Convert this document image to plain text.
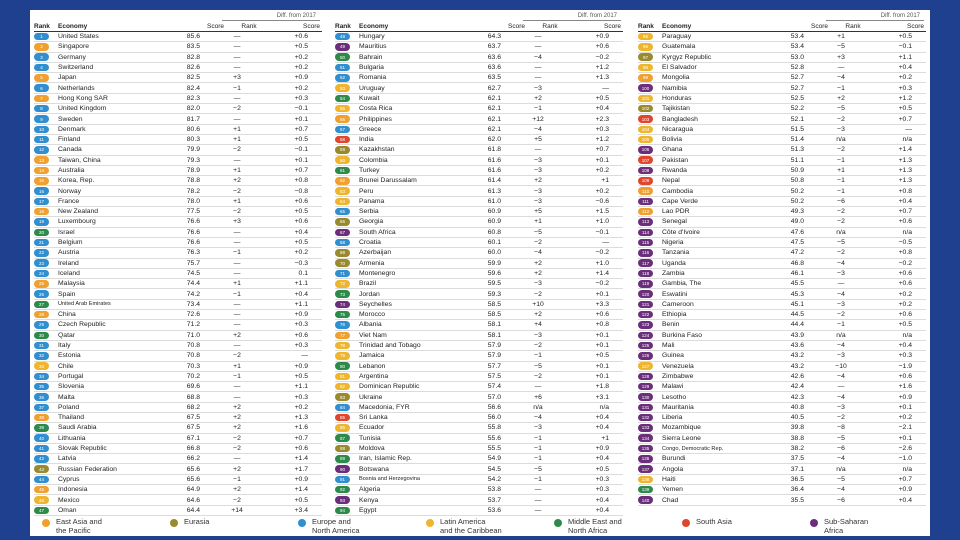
Diff. from 2017
Rank	Economy	Score	Rank	Score
1	United States	85.6	—	+0.6
2	Singapore	83.5	—	+0.5
3	Germany	82.8	—	+0.2
4	Switzerland	82.6	—	+0.2
5	Japan	82.5	+3	+0.9
6	Netherlands	82.4	−1	+0.2
7	Hong Kong SAR	82.3	—	+0.3
8	United Kingdom	82.0	−2	−0.1
9	Sweden	81.7	—	+0.1
10	Denmark	80.6	+1	+0.7
11	Finland	80.3	+1	+0.5
12	Canada	79.9	−2	−0.1
13	Taiwan, China	79.3	—	+0.1
14	Australia	78.9	+1	+0.7
15	Korea, Rep.	78.8	+2	+0.8
16	Norway	78.2	−2	−0.8
17	France	78.0	+1	+0.6
18	New Zealand	77.5	−2	+0.5
19	Luxembourg	76.6	+3	+0.6
20	Israel	76.6	—	+0.4
21	Belgium	76.6	—	+0.5
22	Austria	76.3	−1	+0.2
23	Ireland	75.7	—	−0.3
24	Iceland	74.5	—	0.1
25	Malaysia	74.4	+1	+1.1
26	Spain	74.2	−1	+0.4
27	United Arab Emirates	73.4	—	+1.1
28	China	72.6	—	+0.9
29	Czech Republic	71.2	—	+0.3
30	Qatar	71.0	+2	+0.6
31	Italy	70.8	—	+0.3
32	Estonia	70.8	−2	—
33	Chile	70.3	+1	+0.9
34	Portugal	70.2	−1	+0.5
35	Slovenia	69.6	—	+1.1
36	Malta	68.8	—	+0.3
37	Poland	68.2	+2	+0.2
38	Thailand	67.5	+2	+1.3
39	Saudi Arabia	67.5	+2	+1.6
40	Lithuania	67.1	−2	+0.7
41	Slovak Republic	66.8	−2	+0.6
42	Latvia	66.2	—	+1.4
43	Russian Federation	65.6	+2	+1.7
44	Cyprus	65.6	−1	+0.9
45	Indonesia	64.9	+2	+1.4
46	Mexico	64.6	−2	+0.5
47	Oman	64.4	+14	+3.4
Diff. from 2017
Rank	Economy	Score	Rank	Score
48	Hungary	64.3	—	+0.9
49	Mauritius	63.7	—	+0.6
50	Bahrain	63.6	−4	−0.2
51	Bulgaria	63.6	—	+1.2
52	Romania	63.5	—	+1.3
53	Uruguay	62.7	−3	—
54	Kuwait	62.1	+2	+0.5
55	Costa Rica	62.1	−1	+0.4
56	Philippines	62.1	+12	+2.3
57	Greece	62.1	−4	+0.3
58	India	62.0	+5	+1.2
59	Kazakhstan	61.8	—	+0.7
60	Colombia	61.6	−3	+0.1
61	Turkey	61.6	−3	+0.2
62	Brunei Darussalam	61.4	+2	+1
63	Peru	61.3	−3	+0.2
64	Panama	61.0	−3	−0.6
65	Serbia	60.9	+5	+1.5
66	Georgia	60.9	+1	+1.0
67	South Africa	60.8	−5	−0.1
68	Croatia	60.1	−2	—
69	Azerbaijan	60.0	−4	−0.2
70	Armenia	59.9	+2	+1.0
71	Montenegro	59.6	+2	+1.4
72	Brazil	59.5	−3	−0.2
73	Jordan	59.3	−2	+0.1
74	Seychelles	58.5	+10	+3.3
75	Morocco	58.5	+2	+0.6
76	Albania	58.1	+4	+0.8
77	Viet Nam	58.1	−3	+0.1
78	Trinidad and Tobago	57.9	−2	+0.1
79	Jamaica	57.9	−1	+0.5
80	Lebanon	57.7	−5	+0.1
81	Argentina	57.5	−2	+0.1
82	Dominican Republic	57.4	—	+1.8
83	Ukraine	57.0	+6	+3.1
84	Macedonia, FYR	56.6	n/a	n/a
85	Sri Lanka	56.0	−4	+0.4
86	Ecuador	55.8	−3	+0.4
87	Tunisia	55.6	−1	+1
88	Moldova	55.5	−1	+0.9
89	Iran, Islamic Rep.	54.9	−1	+0.4
90	Botswana	54.5	−5	+0.5
91	Bosnia and Herzegovina	54.2	−1	+0.3
92	Algeria	53.8	—	+0.3
93	Kenya	53.7	—	+0.4
94	Egypt	53.6	—	+0.4
Diff. from 2017
Rank	Economy	Score	Rank	Score
95	Paraguay	53.4	+1	+0.5
96	Guatemala	53.4	−5	−0.1
97	Kyrgyz Republic	53.0	+3	+1.1
98	El Salvador	52.8	—	+0.4
99	Mongolia	52.7	−4	+0.2
100	Namibia	52.7	−1	+0.3
101	Honduras	52.5	+2	+1.2
102	Tajikistan	52.2	−5	+0.5
103	Bangladesh	52.1	−2	+0.7
104	Nicaragua	51.5	−3	—
105	Bolivia	51.4	n/a	n/a
106	Ghana	51.3	−2	+1.4
107	Pakistan	51.1	−1	+1.3
108	Rwanda	50.9	+1	+1.3
109	Nepal	50.8	−1	+1.3
110	Cambodia	50.2	−1	+0.8
111	Cape Verde	50.2	−6	+0.4
112	Lao PDR	49.3	−2	+0.7
113	Senegal	49.0	−2	+0.6
114	Côte d'Ivoire	47.6	n/a	n/a
115	Nigeria	47.5	−5	−0.5
116	Tanzania	47.2	−2	+0.8
117	Uganda	46.8	−4	−0.2
118	Zambia	46.1	−3	+0.6
119	Gambia, The	45.5	—	+0.6
120	Eswatini	45.3	−4	+0.2
121	Cameroon	45.1	−3	+0.2
122	Ethiopia	44.5	−2	+0.6
123	Benin	44.4	−1	+0.5
124	Burkina Faso	43.9	n/a	n/a
125	Mali	43.6	−4	+0.4
126	Guinea	43.2	−3	+0.3
127	Venezuela	43.2	−10	−1.9
128	Zimbabwe	42.6	−4	+0.6
129	Malawi	42.4	—	+1.6
130	Lesotho	42.3	−4	+0.9
131	Mauritania	40.8	−3	+0.1
132	Liberia	40.5	−2	+0.2
133	Mozambique	39.8	−8	−2.1
134	Sierra Leone	38.8	−5	+0.1
135	Congo, Democratic Rep.	38.2	−6	−2.6
136	Burundi	37.5	−4	−1.0
137	Angola	37.1	n/a	n/a
138	Haiti	36.5	−5	+0.7
139	Yemen	36.4	−4	+0.9
140	Chad	35.5	−6	+0.4
East Asia and
the Pacific
Eurasia	Europe and
North America
Latin America
and the Caribbean
Middle East and
North Africa
South Asia	Sub-Saharan
Africa
